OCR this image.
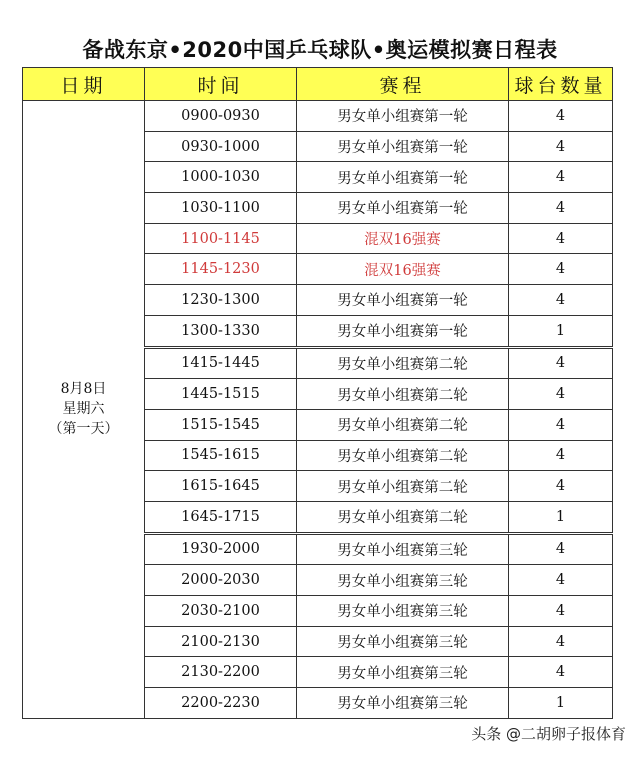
备战东京•2020中国乒乓球队•奥运模拟赛日程表
日期	时间	赛程	球台数量

8月8日
星期六
（第一天）	0900-0930	男女单小组赛第一轮	4
	0930-1000	男女单小组赛第一轮	4
	1000-1030	男女单小组赛第一轮	4
	1030-1100	男女单小组赛第一轮	4
	1100-1145	混双16强赛	4
	1145-1230	混双16强赛	4
	1230-1300	男女单小组赛第一轮	4
	1300-1330	男女单小组赛第一轮	1
	1415-1445	男女单小组赛第二轮	4
	1445-1515	男女单小组赛第二轮	4
	1515-1545	男女单小组赛第二轮	4
	1545-1615	男女单小组赛第二轮	4
	1615-1645	男女单小组赛第二轮	4
	1645-1715	男女单小组赛第二轮	1
	1930-2000	男女单小组赛第三轮	4
	2000-2030	男女单小组赛第三轮	4
	2030-2100	男女单小组赛第三轮	4
	2100-2130	男女单小组赛第三轮	4
	2130-2200	男女单小组赛第三轮	4
	2200-2230	男女单小组赛第三轮	1
头条 @二胡卵子报体育
